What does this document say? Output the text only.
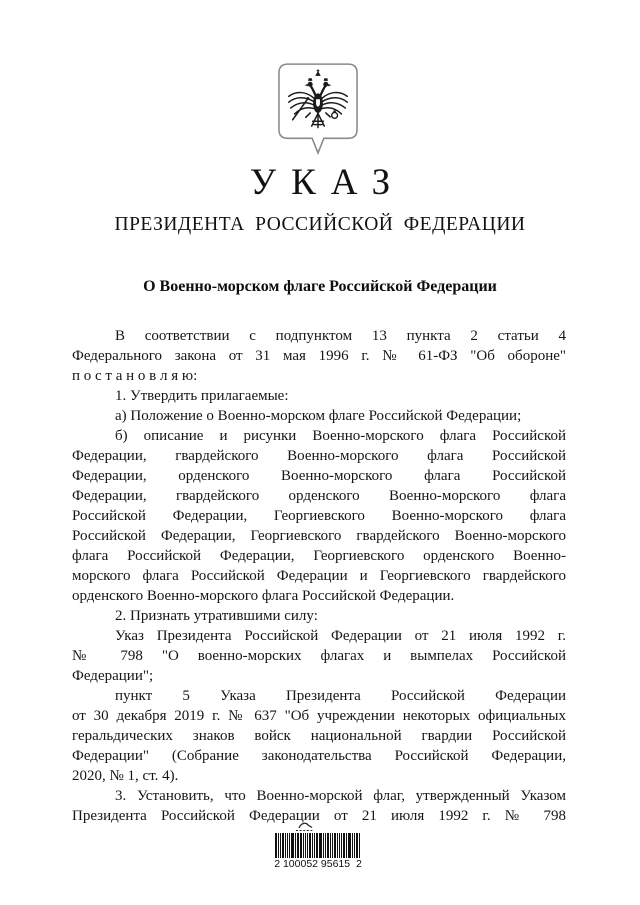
УКАЗ
ПРЕЗИДЕНТА РОССИЙСКОЙ ФЕДЕРАЦИИ
О Военно-морском флаге Российской Федерации
В соответствии с подпунктом 13 пункта 2 статьи 4
Федерального закона от 31 мая 1996 г. № 61-ФЗ "Об обороне"
п о с т а н о в л я ю:
1. Утвердить прилагаемые:
а) Положение о Военно-морском флаге Российской Федерации;
б) описание и рисунки Военно-морского флага Российской
Федерации, гвардейского Военно-морского флага Российской
Федерации, орденского Военно-морского флага Российской
Федерации, гвардейского орденского Военно-морского флага
Российской Федерации, Георгиевского Военно-морского флага
Российской Федерации, Георгиевского гвардейского Военно-морского
флага Российской Федерации, Георгиевского орденского Военно-
морского флага Российской Федерации и Георгиевского гвардейского
орденского Военно-морского флага Российской Федерации.
2. Признать утратившими силу:
Указ Президента Российской Федерации от 21 июля 1992 г.
№ 798 "О военно-морских флагах и вымпелах Российской
Федерации";
пункт 5 Указа Президента Российской Федерации
от 30 декабря 2019 г. № 637 "Об учреждении некоторых официальных
геральдических знаков войск национальной гвардии Российской
Федерации" (Собрание законодательства Российской Федерации,
2020, № 1, ст. 4).
3. Установить, что Военно-морской флаг, утвержденный Указом
Президента Российской Федерации от 21 июля 1992 г. № 798
2 100052 95615  2
